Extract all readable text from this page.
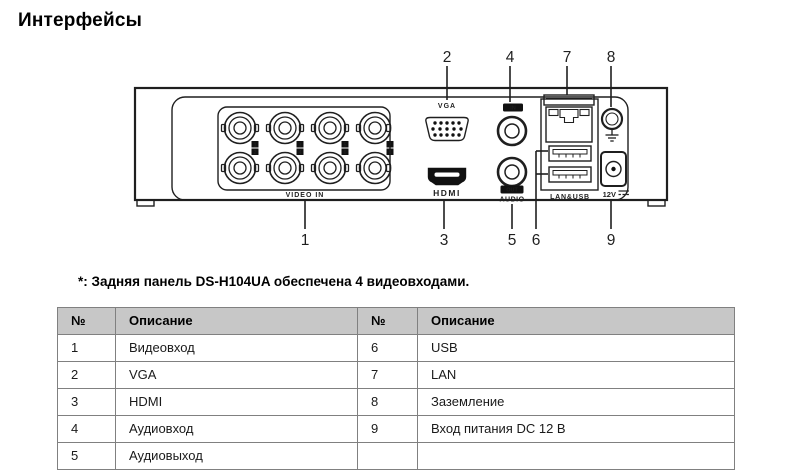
Интерфейсы
1
2
3
4
5
6
7
8
VIDEO IN
VGA
HDMI
IN
OUT
AUDIO	LAN&USB 12V
2	4	7 8
1	3	5 6	9
*: Задняя панель DS-H104UA обеспечена 4 видеовходами.
№	Описание	№	Описание
1	Видеовход	6	USB
2	VGA	7	LAN
3	HDMI	8	Заземление
4	Аудиовход	9	Вход питания DC 12 В
5	Аудиовыход		
